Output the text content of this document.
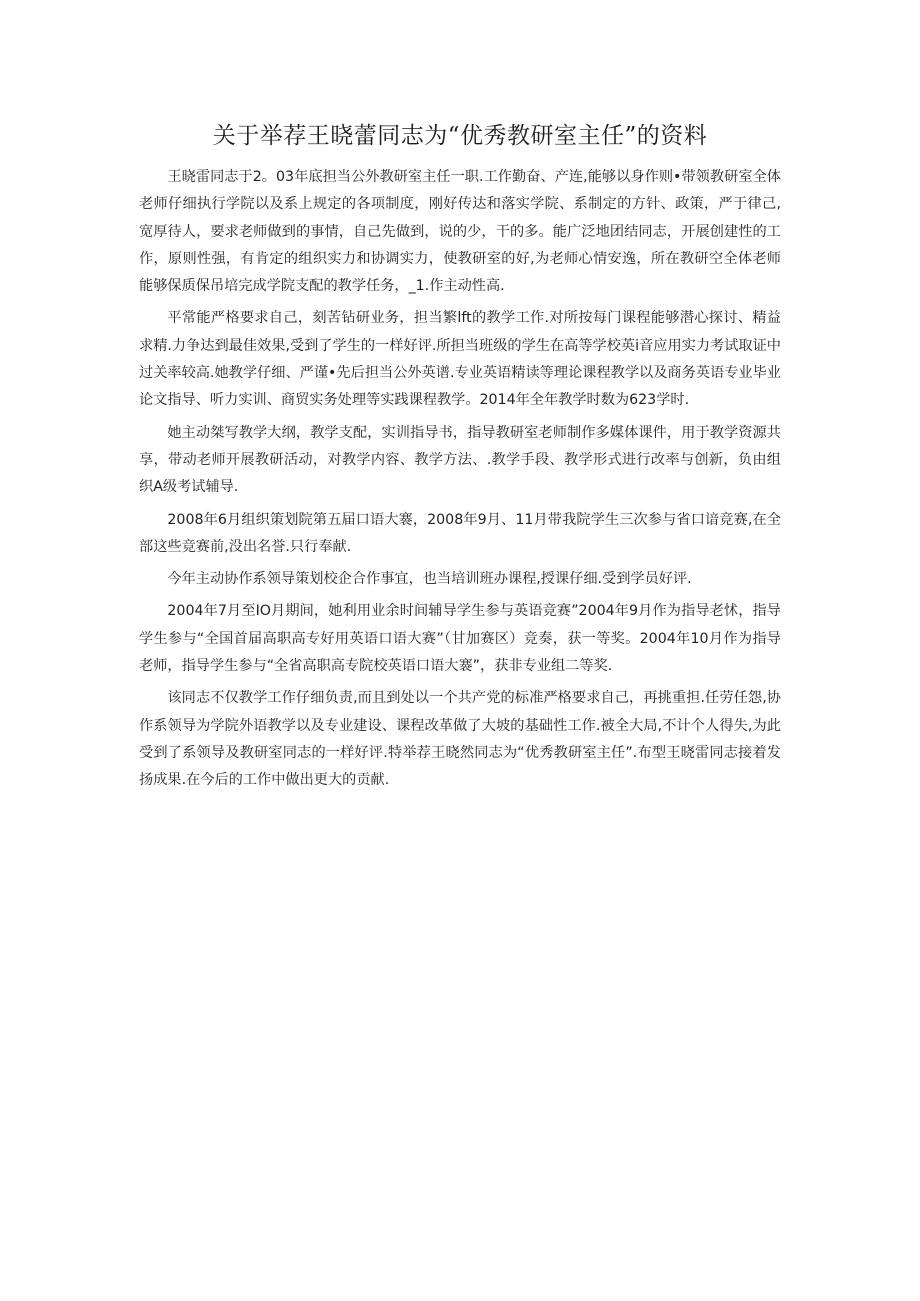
关于举荐王晓蕾同志为“优秀教研室主任”的资料

王晓雷同志于2。03年底担当公外教研室主任一职.工作勤奋、产连,能够以身作则•带领教研室全体老师仔细执行学院以及系上规定的各项制度，刚好传达和落实学院、系制定的方针、政策，严于律己,宽厚待人，要求老师做到的事情，自己先做到，说的少，干的多。能广泛地团结同志，开展创建性的工作，原则性强，有肯定的组织实力和协调实力，使教研室的好,为老师心情安逸，所在教研空全体老师能够保质保吊培完成学院支配的教学任务，_1.作主动性高.

平常能严格要求自己，刻苦钻研业务，担当繁lft的教学工作.对所按每门课程能够潜心探讨、精益求精.力争达到最佳效果,受到了学生的一样好评.所担当班级的学生在高等学校英i音应用实力考试取证中过关率较高.她教学仔细、严谨•先后担当公外英谱.专业英语精读等理论课程教学以及商务英语专业毕业论文指导、听力实训、商贸实务处理等实践课程教学。2014年全年教学时数为623学时.

她主动桀写教学大纲，教学支配，实训指导书，指导教研室老师制作多媒体课件，用于教学资源共享，带动老师开展教研活动，对教学内容、教学方法、.教学手段、教学形式进行改率与创新，负由组织A级考试辅导.

2008年6月组织策划院第五届口语大褰，2008年9月、11月带我院学生三次参与省口谙竞赛,在全部这些竞赛前,没出名誉.只行奉献.

今年主动协作系领导策划校企合作事宜，也当培训班办课程,授课仔细.受到学员好评.

2004年7月至IO月期间，她利用业余时间辅导学生参与英语竞赛”2004年9月作为指导老怵，指导学生参与“全国首届高职高专好用英语口语大赛”（甘加赛区）竞奏，获一等奖。2004年10月作为指导老师，指导学生参与“全省高职高专院校英语口语大褰”，获非专业组二等奖.

该同志不仅教学工作仔细负责,而且到处以一个共产党的标准严格要求自己，再挑重担.任劳任怨,协作系领导为学院外语教学以及专业建设、课程改革做了大坡的基础性工作.被全大局,不计个人得失,为此受到了系领导及教研室同志的一样好评.特举荐王晓然同志为“优秀教研室主任”.布型王晓雷同志接着发扬成果.在今后的工作中做出更大的贡献.
